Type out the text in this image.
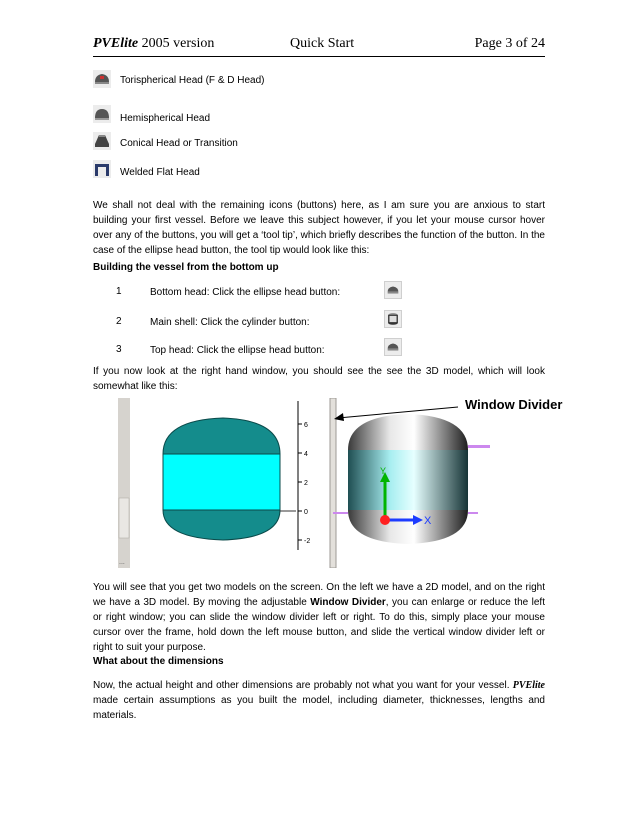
PVElite 2005 version	Quick Start	Page 3 of 24
Torispherical Head (F & D Head)
Hemispherical Head
Conical Head or Transition
Welded Flat Head
We shall not deal with the remaining icons (buttons) here, as I am sure you are anxious to start building your first vessel. Before we leave this subject however, if you let your mouse cursor hover over any of the buttons, you will get a ‘tool tip’, which briefly describes the function of the button. In the case of the ellipse head button, the tool tip would look like this:
Building the vessel from the bottom up
1	Bottom head: Click the ellipse head button:
2	Main shell: Click the cylinder button:
3	Top head: Click the ellipse head button:
If you now look at the right hand window, you should see the see the 3D model, which will look somewhat like this:
...
6
4
2
0
-2
Y
X
Window Divider
You will see that you get two models on the screen. On the left we have a 2D model, and on the right we have a 3D model. By moving the adjustable Window Divider, you can enlarge or reduce the left or right window; you can slide the window divider left or right. To do this, simply place your mouse cursor over the frame, hold down the left mouse button, and slide the vertical window divider left or right to suit your purpose.
What about the dimensions
Now, the actual height and other dimensions are probably not what you want for your vessel. PVElite made certain assumptions as you built the model, including diameter, thicknesses, lengths and materials.
